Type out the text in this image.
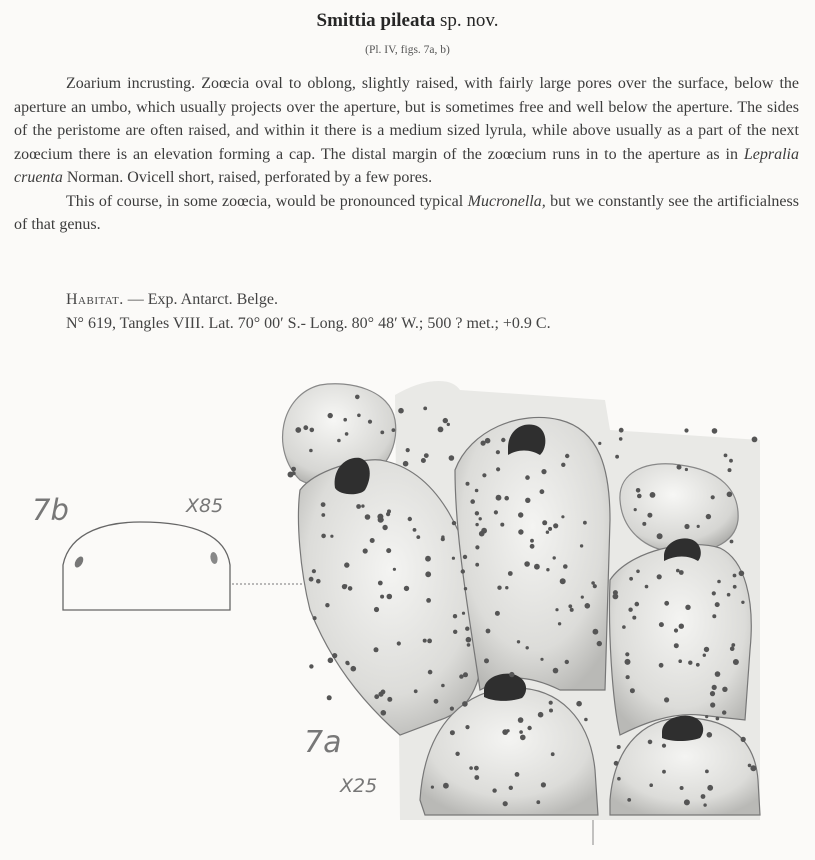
Smittia pileata sp. nov.
(Pl. IV, figs. 7a, b)

Zoarium incrusting. Zoœcia oval to oblong, slightly raised, with fairly large pores over the surface, below the aperture an umbo, which usually projects over the aperture, but is sometimes free and well below the aperture. The sides of the peristome are often raised, and within it there is a medium sized lyrula, while above usually as a part of the next zoœcium there is an elevation forming a cap. The distal margin of the zoœcium runs in to the aperture as in Lepralia cruenta Norman. Ovicell short, raised, perforated by a few pores.

This of course, in some zoœcia, would be pronounced typical Mucronella, but we constantly see the artificialness of that genus.

Habitat. — Exp. Antarct. Belge.
N° 619, Tangles VIII. Lat. 70° 00′ S.- Long. 80° 48′ W.; 500 ? met.; +0.9 C.
7b	X85
7a
X25
